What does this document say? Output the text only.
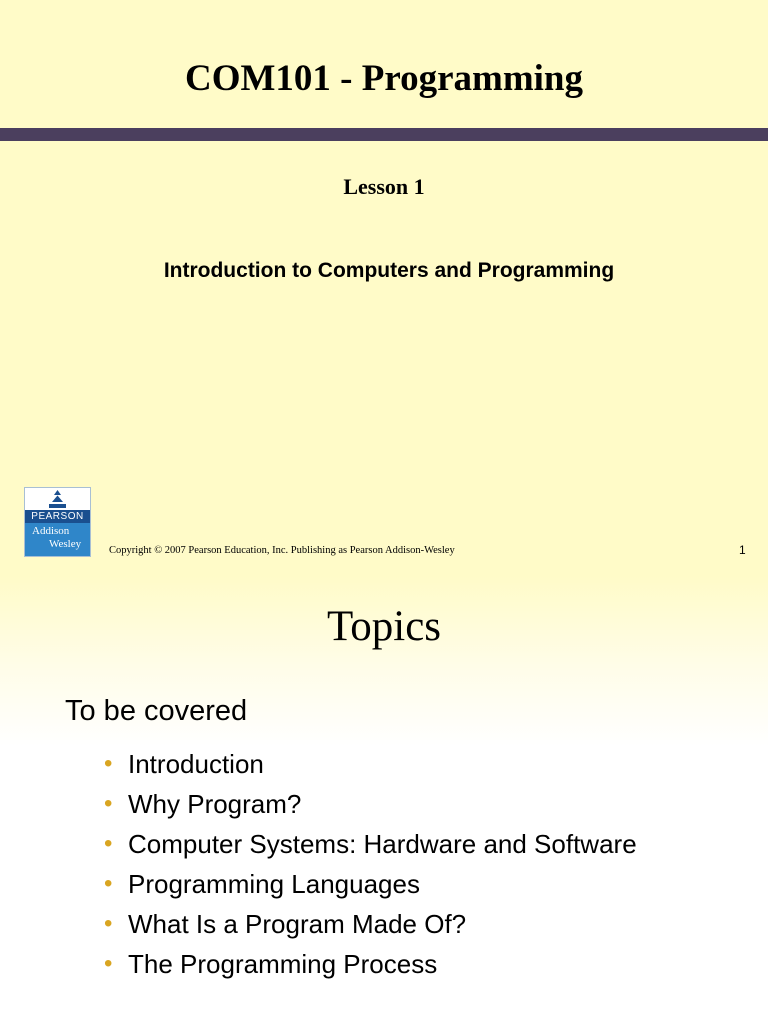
COM101 - Programming
Lesson 1
Introduction to Computers and Programming
PEARSON
Addison
Wesley
Copyright © 2007 Pearson Education, Inc. Publishing as Pearson Addison-Wesley	1
Topics
To be covered
• Introduction
• Why Program?
• Computer Systems: Hardware and Software
• Programming Languages
• What Is a Program Made Of?
• The Programming Process
